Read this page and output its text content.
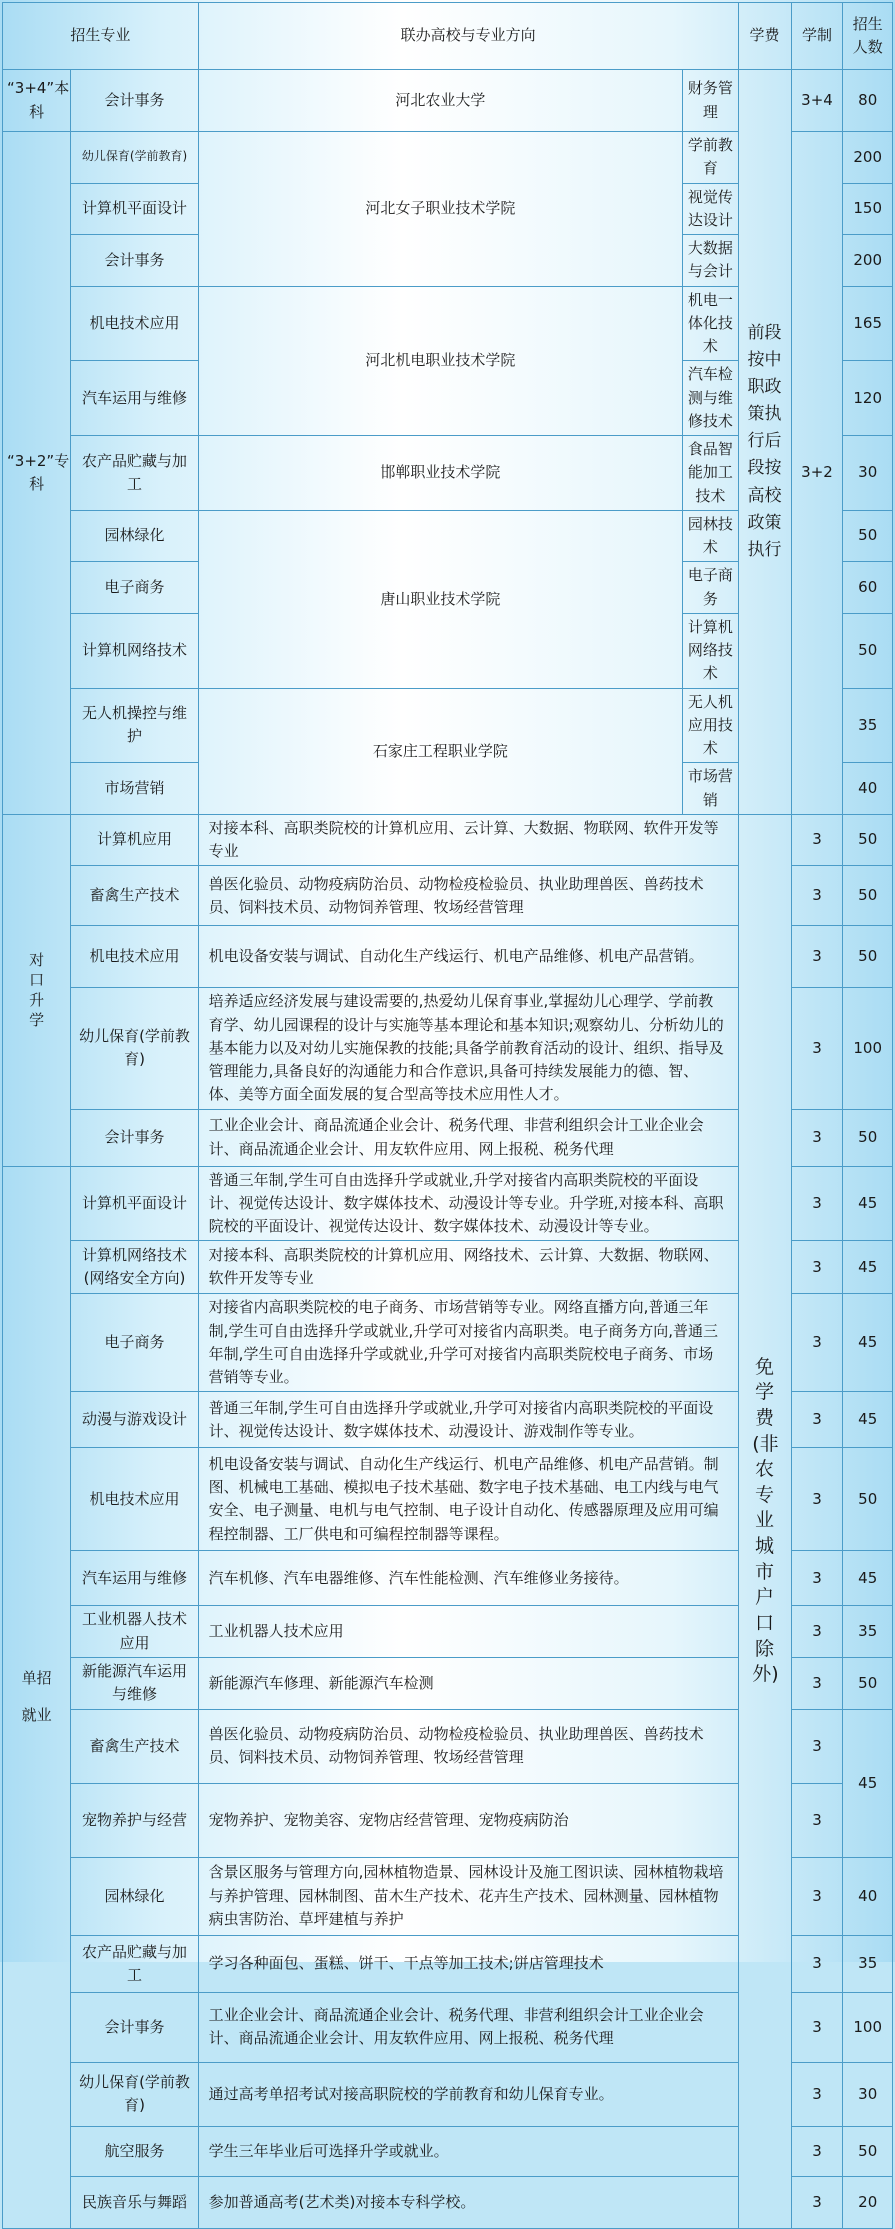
招生专业		联办高校与专业方向		学费	学制	招生人数
“3+4”本科	会计事务	河北农业大学	财务管理	前段按中职政策执行后段按高校政策执行	3+4	80
“3+2”专科	幼儿保育(学前教育)	河北女子职业技术学院	学前教育		3+2	200
	计算机平面设计		视觉传达设计			150
	会计事务		大数据与会计			200
	机电技术应用	河北机电职业技术学院	机电一体化技术			165
	汽车运用与维修		汽车检测与维修技术			120
	农产品贮藏与加工	邯郸职业技术学院	食品智能加工技术			30
	园林绿化	唐山职业技术学院	园林技术			50
	电子商务		电子商务			60
	计算机网络技术		计算机网络技术			50
	无人机操控与维护	石家庄工程职业学院	无人机应用技术			35
	市场营销		市场营销			40

对口升学	计算机应用	对接本科、高职类院校的计算机应用、云计算、大数据、物联网、软件开发等专业		免学费(非农专业城市户口除外)	3	50
	畜禽生产技术	兽医化验员、动物疫病防治员、动物检疫检验员、执业助理兽医、兽药技术员、饲料技术员、动物饲养管理、牧场经营管理			3	50
	机电技术应用	机电设备安装与调试、自动化生产线运行、机电产品维修、机电产品营销。			3	50
	幼儿保育(学前教育)	培养适应经济发展与建设需要的,热爱幼儿保育事业,掌握幼儿心理学、学前教育学、幼儿园课程的设计与实施等基本理论和基本知识;观察幼儿、分析幼儿的基本能力以及对幼儿实施保教的技能;具备学前教育活动的设计、组织、指导及管理能力,具备良好的沟通能力和合作意识,具备可持续发展能力的德、智、体、美等方面全面发展的复合型高等技术应用性人才。			3	100
	会计事务	工业企业会计、商品流通企业会计、税务代理、非营利组织会计工业企业会计、商品流通企业会计、用友软件应用、网上报税、税务代理			3	50

单招
就业	计算机平面设计	普通三年制,学生可自由选择升学或就业,升学对接省内高职类院校的平面设计、视觉传达设计、数字媒体技术、动漫设计等专业。升学班,对接本科、高职院校的平面设计、视觉传达设计、数字媒体技术、动漫设计等专业。			3	45
	计算机网络技术(网络安全方向)	对接本科、高职类院校的计算机应用、网络技术、云计算、大数据、物联网、软件开发等专业			3	45
	电子商务	对接省内高职类院校的电子商务、市场营销等专业。网络直播方向,普通三年制,学生可自由选择升学或就业,升学可对接省内高职类。电子商务方向,普通三年制,学生可自由选择升学或就业,升学可对接省内高职类院校电子商务、市场营销等专业。			3	45
	动漫与游戏设计	普通三年制,学生可自由选择升学或就业,升学可对接省内高职类院校的平面设计、视觉传达设计、数字媒体技术、动漫设计、游戏制作等专业。			3	45
	机电技术应用	机电设备安装与调试、自动化生产线运行、机电产品维修、机电产品营销。制图、机械电工基础、模拟电子技术基础、数字电子技术基础、电工内线与电气安全、电子测量、电机与电气控制、电子设计自动化、传感器原理及应用可编程控制器、工厂供电和可编程控制器等课程。			3	50
	汽车运用与维修	汽车机修、汽车电器维修、汽车性能检测、汽车维修业务接待。			3	45
	工业机器人技术应用	工业机器人技术应用			3	35
	新能源汽车运用与维修	新能源汽车修理、新能源汽车检测			3	50
	畜禽生产技术	兽医化验员、动物疫病防治员、动物检疫检验员、执业助理兽医、兽药技术员、饲料技术员、动物饲养管理、牧场经营管理			3	45
	宠物养护与经营	宠物养护、宠物美容、宠物店经营管理、宠物疫病防治			3	
	园林绿化	含景区服务与管理方向,园林植物造景、园林设计及施工图识读、园林植物栽培与养护管理、园林制图、苗木生产技术、花卉生产技术、园林测量、园林植物病虫害防治、草坪建植与养护			3	40
	农产品贮藏与加工	学习各种面包、蛋糕、饼干、干点等加工技术;饼店管理技术			3	35
	会计事务	工业企业会计、商品流通企业会计、税务代理、非营利组织会计工业企业会计、商品流通企业会计、用友软件应用、网上报税、税务代理			3	100
	幼儿保育(学前教育)	通过高考单招考试对接高职院校的学前教育和幼儿保育专业。			3	30
	航空服务	学生三年毕业后可选择升学或就业。			3	50
	民族音乐与舞蹈	参加普通高考(艺术类)对接本专科学校。			3	20
